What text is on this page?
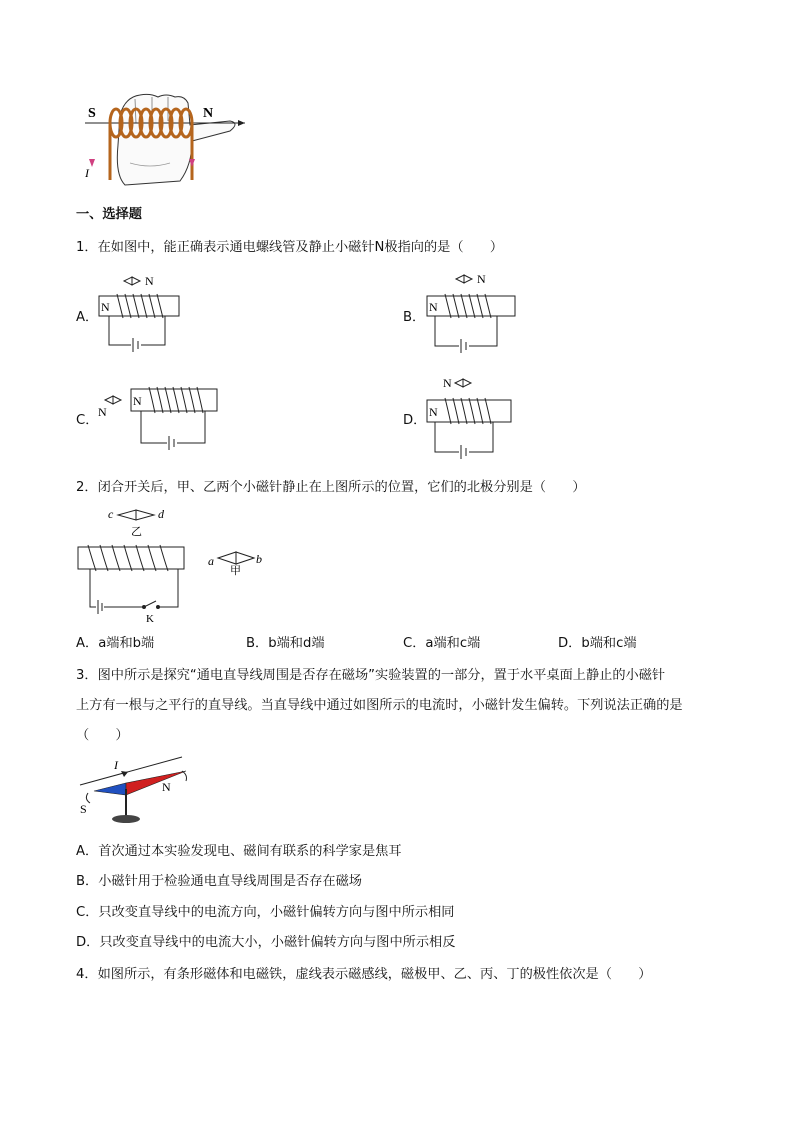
S	N
I
一、选择题
1．在如图中，能正确表示通电螺线管及静止小磁针N极指向的是（　　）
A．
N
N
B．
N
N
C．
N
N
D．
N
N
2．闭合开关后，甲、乙两个小磁针静止在上图所示的位置，它们的北极分别是（　　）
c	d
乙
K
a	b
甲
A．a端和b端	B．b端和d端	C．a端和c端	D．b端和c端
3．图中所示是探究“通电直导线周围是否存在磁场”实验装置的一部分，置于水平桌面上静止的小磁针
上方有一根与之平行的直导线。当直导线中通过如图所示的电流时，小磁针发生偏转。下列说法正确的是
（　　）
I
S
N
A．首次通过本实验发现电、磁间有联系的科学家是焦耳
B．小磁针用于检验通电直导线周围是否存在磁场
C．只改变直导线中的电流方向，小磁针偏转方向与图中所示相同
D．只改变直导线中的电流大小，小磁针偏转方向与图中所示相反
4．如图所示，有条形磁体和电磁铁，虚线表示磁感线，磁极甲、乙、丙、丁的极性依次是（　　）
